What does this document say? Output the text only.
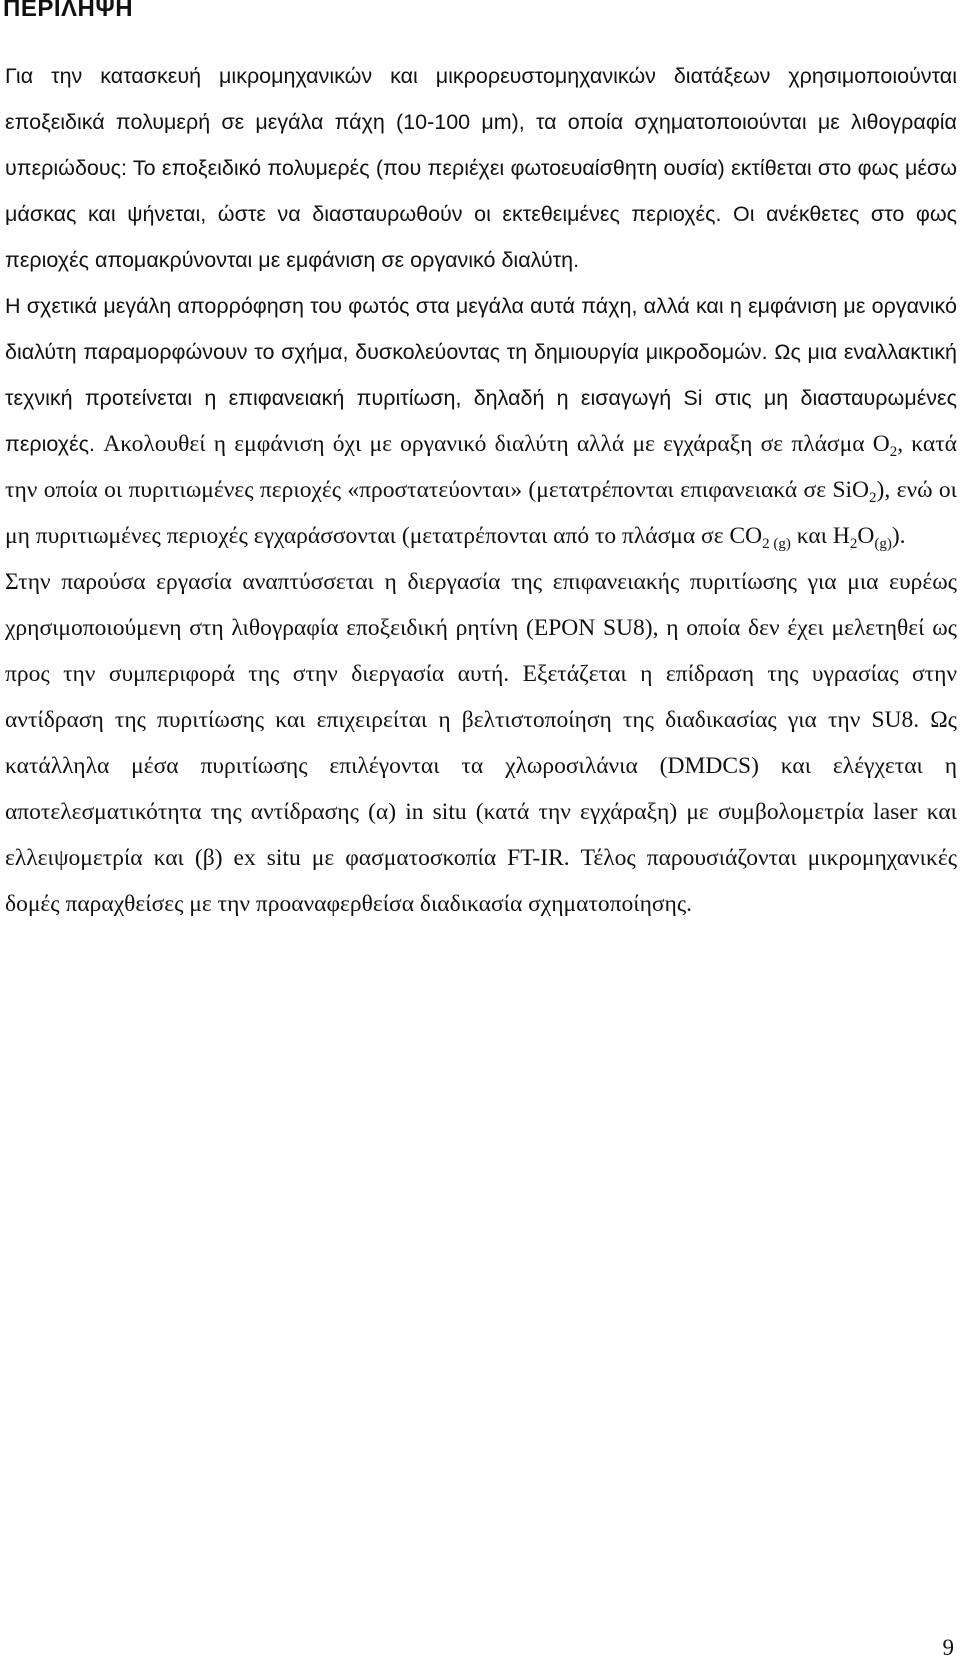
ΠΕΡΙΛΗΨΗ

Για την κατασκευή μικρομηχανικών και μικρορευστομηχανικών διατάξεων χρησιμοποιούνται εποξειδικά πολυμερή σε μεγάλα πάχη (10-100 μm), τα οποία σχηματοποιούνται με λιθογραφία υπεριώδους: Το εποξειδικό πολυμερές (που περιέχει φωτοευαίσθητη ουσία) εκτίθεται στο φως μέσω μάσκας και ψήνεται, ώστε να διασταυρωθούν οι εκτεθειμένες περιοχές. Οι ανέκθετες στο φως περιοχές απομακρύνονται με εμφάνιση σε οργανικό διαλύτη.

Η σχετικά μεγάλη απορρόφηση του φωτός στα μεγάλα αυτά πάχη, αλλά και η εμφάνιση με οργανικό διαλύτη παραμορφώνουν το σχήμα, δυσκολεύοντας τη δημιουργία μικροδομών. Ως μια εναλλακτική τεχνική προτείνεται η επιφανειακή πυριτίωση, δηλαδή η εισαγωγή Si στις μη διασταυρωμένες περιοχές. Ακολουθεί η εμφάνιση όχι με οργανικό διαλύτη αλλά με εγχάραξη σε πλάσμα $O_2$, κατά την οποία οι πυριτιωμένες περιοχές «προστατεύονται» (μετατρέπονται επιφανειακά σε SiO$_2$), ενώ οι μη πυριτιωμένες περιοχές εγχαράσσονται (μετατρέπονται από το πλάσμα σε $CO_{2 (g)}$ και $H_2O_{(g)}$).

Στην παρούσα εργασία αναπτύσσεται η διεργασία της επιφανειακής πυριτίωσης για μια ευρέως χρησιμοποιούμενη στη λιθογραφία εποξειδική ρητίνη (EPON SU8), η οποία δεν έχει μελετηθεί ως προς την συμπεριφορά της στην διεργασία αυτή. Εξετάζεται η επίδραση της υγρασίας στην αντίδραση της πυριτίωσης και επιχειρείται η βελτιστοποίηση της διαδικασίας για την SU8. Ως κατάλληλα μέσα πυριτίωσης επιλέγονται τα χλωροσιλάνια (DMDCS) και ελέγχεται η αποτελεσματικότητα της αντίδρασης (α) in situ (κατά την εγχάραξη) με συμβολομετρία laser και ελλειψομετρία και (β) ex situ με φασματοσκοπία FT-IR. Τέλος παρουσιάζονται μικρομηχανικές δομές παραχθείσες με την προαναφερθείσα διαδικασία σχηματοποίησης.

9
